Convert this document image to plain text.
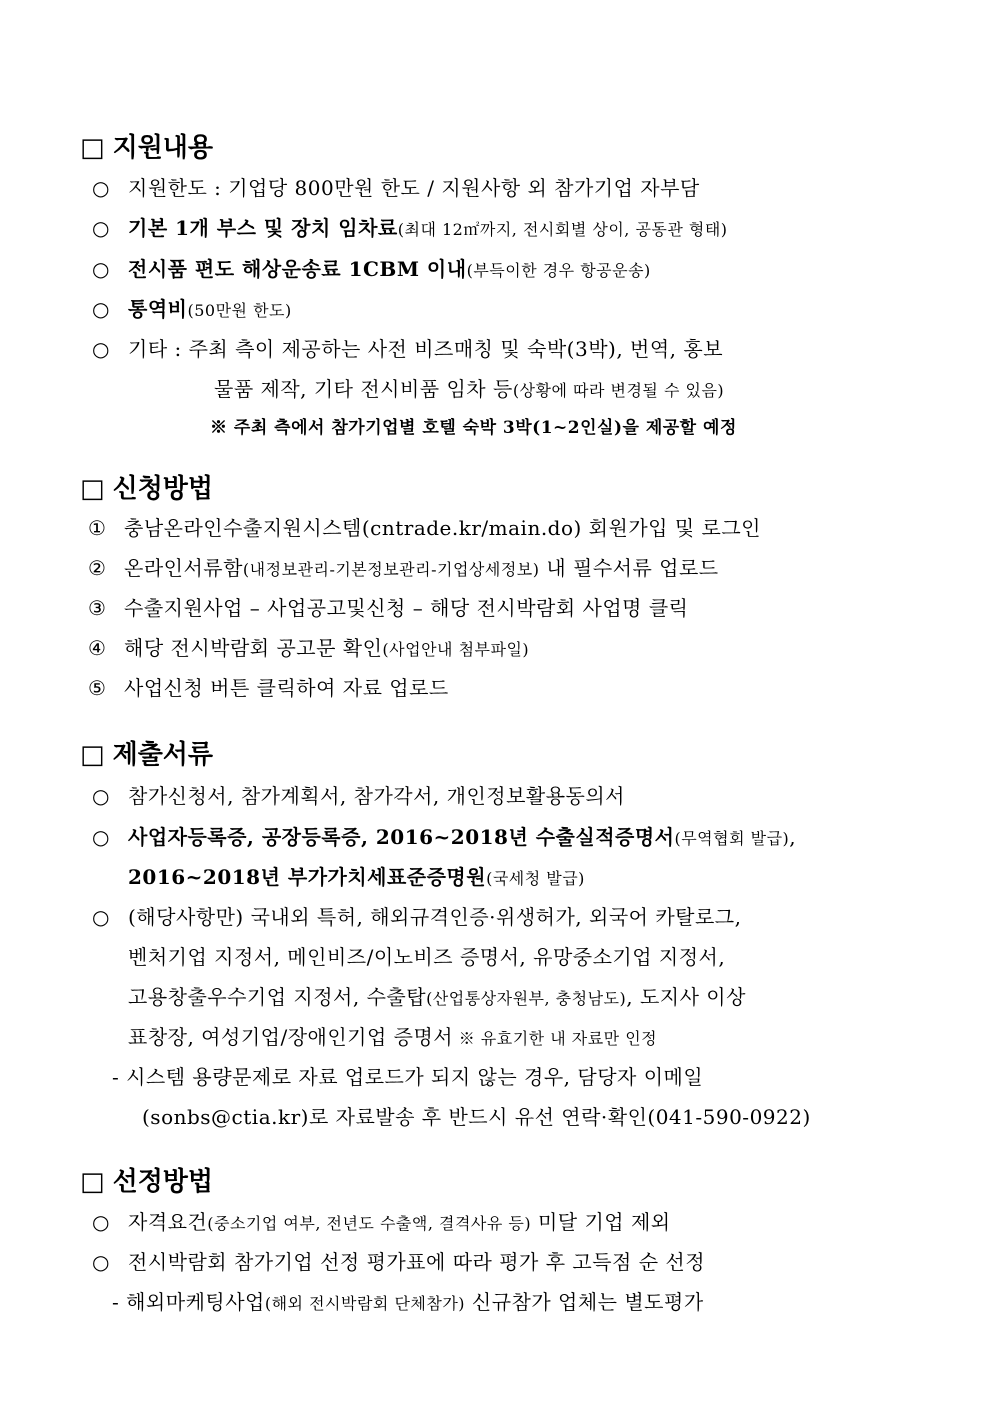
□ 지원내용
○ 지원한도 : 기업당 800만원 한도 / 지원사항 외 참가기업 자부담
○ 기본 1개 부스 및 장치 임차료(최대 12㎡까지, 전시회별 상이, 공동관 형태)
○ 전시품 편도 해상운송료 1CBM 이내(부득이한 경우 항공운송)
○ 통역비(50만원 한도)
○ 기타 : 주최 측이 제공하는 사전 비즈매칭 및 숙박(3박), 번역, 홍보
물품 제작, 기타 전시비품 임차 등(상황에 따라 변경될 수 있음)
※ 주최 측에서 참가기업별 호텔 숙박 3박(1~2인실)을 제공할 예정
□ 신청방법
① 충남온라인수출지원시스템(cntrade.kr/main.do) 회원가입 및 로그인
② 온라인서류함(내정보관리-기본정보관리-기업상세정보) 내 필수서류 업로드
③ 수출지원사업 – 사업공고및신청 – 해당 전시박람회 사업명 클릭
④ 해당 전시박람회 공고문 확인(사업안내 첨부파일)
⑤ 사업신청 버튼 클릭하여 자료 업로드
□ 제출서류
○ 참가신청서, 참가계획서, 참가각서, 개인정보활용동의서
○ 사업자등록증, 공장등록증, 2016~2018년 수출실적증명서(무역협회 발급),
2016~2018년 부가가치세표준증명원(국세청 발급)
○ (해당사항만) 국내외 특허, 해외규격인증·위생허가, 외국어 카탈로그,
벤처기업 지정서, 메인비즈/이노비즈 증명서, 유망중소기업 지정서,
고용창출우수기업 지정서, 수출탑(산업통상자원부, 충청남도), 도지사 이상
표창장, 여성기업/장애인기업 증명서 ※ 유효기한 내 자료만 인정
- 시스템 용량문제로 자료 업로드가 되지 않는 경우, 담당자 이메일
(sonbs@ctia.kr)로 자료발송 후 반드시 유선 연락·확인(041-590-0922)
□ 선정방법
○ 자격요건(중소기업 여부, 전년도 수출액, 결격사유 등) 미달 기업 제외
○ 전시박람회 참가기업 선정 평가표에 따라 평가 후 고득점 순 선정
- 해외마케팅사업(해외 전시박람회 단체참가) 신규참가 업체는 별도평가
